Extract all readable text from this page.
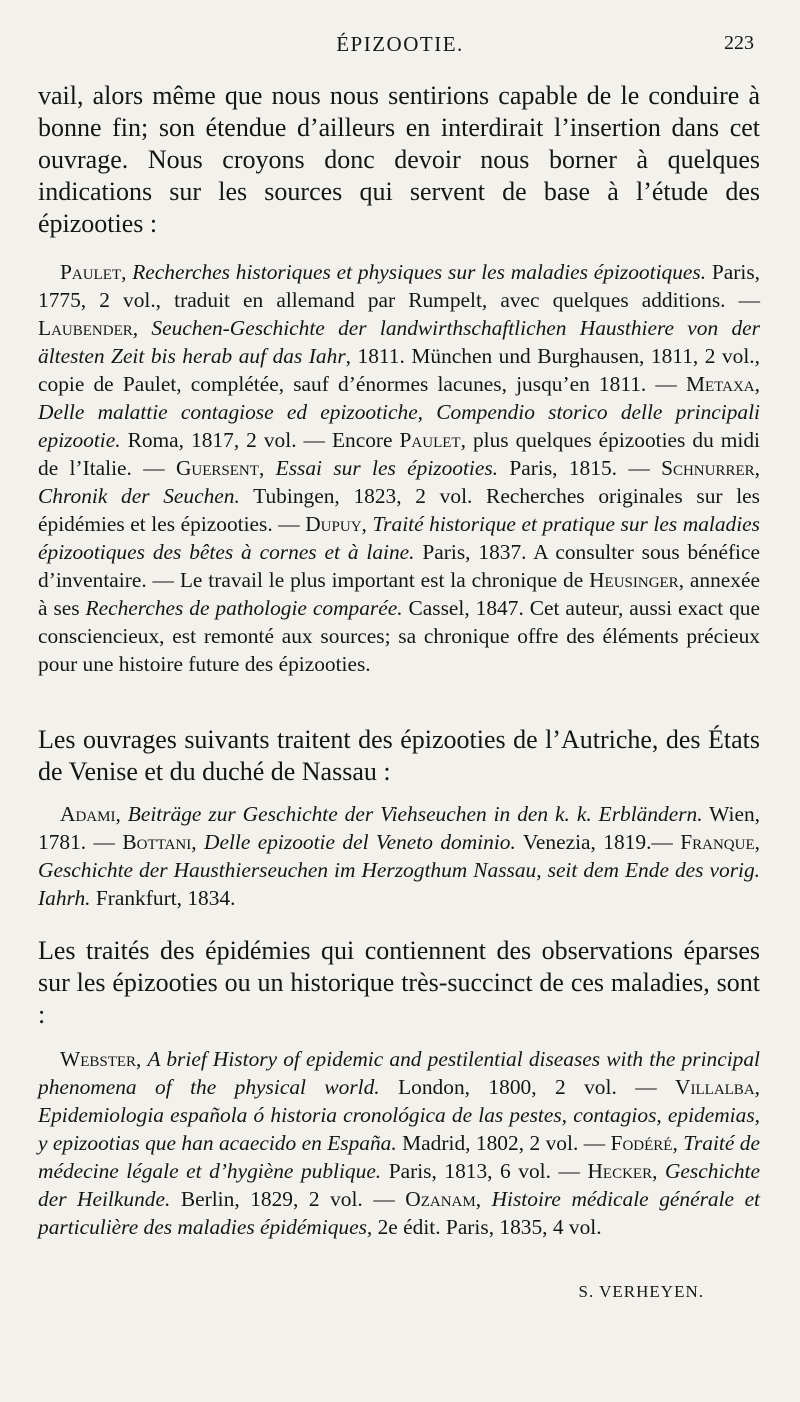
ÉPIZOOTIE.	223

vail, alors même que nous nous sentirions capable de le conduire à bonne fin; son étendue d’ailleurs en interdirait l’insertion dans cet ouvrage. Nous croyons donc devoir nous borner à quelques indications sur les sources qui servent de base à l’étude des épizooties :

Paulet, Recherches historiques et physiques sur les maladies épizootiques. Paris, 1775, 2 vol., traduit en allemand par Rumpelt, avec quelques additions. — Laubender, Seuchen-Geschichte der landwirthschaftlichen Hausthiere von der ältesten Zeit bis herab auf das Iahr, 1811. München und Burghausen, 1811, 2 vol., copie de Paulet, complétée, sauf d’énormes lacunes, jusqu’en 1811. — Metaxa, Delle malattie contagiose ed epizootiche, Compendio storico delle principali epizootie. Roma, 1817, 2 vol. — Encore Paulet, plus quelques épizooties du midi de l’Italie. — Guersent, Essai sur les épizooties. Paris, 1815. — Schnurrer, Chronik der Seuchen. Tubingen, 1823, 2 vol. Recherches originales sur les épidémies et les épizooties. — Dupuy, Traité historique et pratique sur les maladies épizootiques des bêtes à cornes et à laine. Paris, 1837. A consulter sous bénéfice d’inventaire. — Le travail le plus important est la chronique de Heusinger, annexée à ses Recherches de pathologie comparée. Cassel, 1847. Cet auteur, aussi exact que consciencieux, est remonté aux sources; sa chronique offre des éléments précieux pour une histoire future des épizooties.

Les ouvrages suivants traitent des épizooties de l’Autriche, des États de Venise et du duché de Nassau :

Adami, Beiträge zur Geschichte der Viehseuchen in den k. k. Erbländern. Wien, 1781. — Bottani, Delle epizootie del Veneto dominio. Venezia, 1819.— Franque, Geschichte der Hausthierseuchen im Herzogthum Nassau, seit dem Ende des vorig. Iahrh. Frankfurt, 1834.

Les traités des épidémies qui contiennent des observations éparses sur les épizooties ou un historique très-succinct de ces maladies, sont :

Webster, A brief History of epidemic and pestilential diseases with the principal phenomena of the physical world. London, 1800, 2 vol. — Villalba, Epidemiologia española ó historia cronológica de las pestes, contagios, epidemias, y epizootias que han acaecido en España. Madrid, 1802, 2 vol. — Fodéré, Traité de médecine légale et d’hygiène publique. Paris, 1813, 6 vol. — Hecker, Geschichte der Heilkunde. Berlin, 1829, 2 vol. — Ozanam, Histoire médicale générale et particulière des maladies épidémiques, 2e édit. Paris, 1835, 4 vol.

S. VERHEYEN.
